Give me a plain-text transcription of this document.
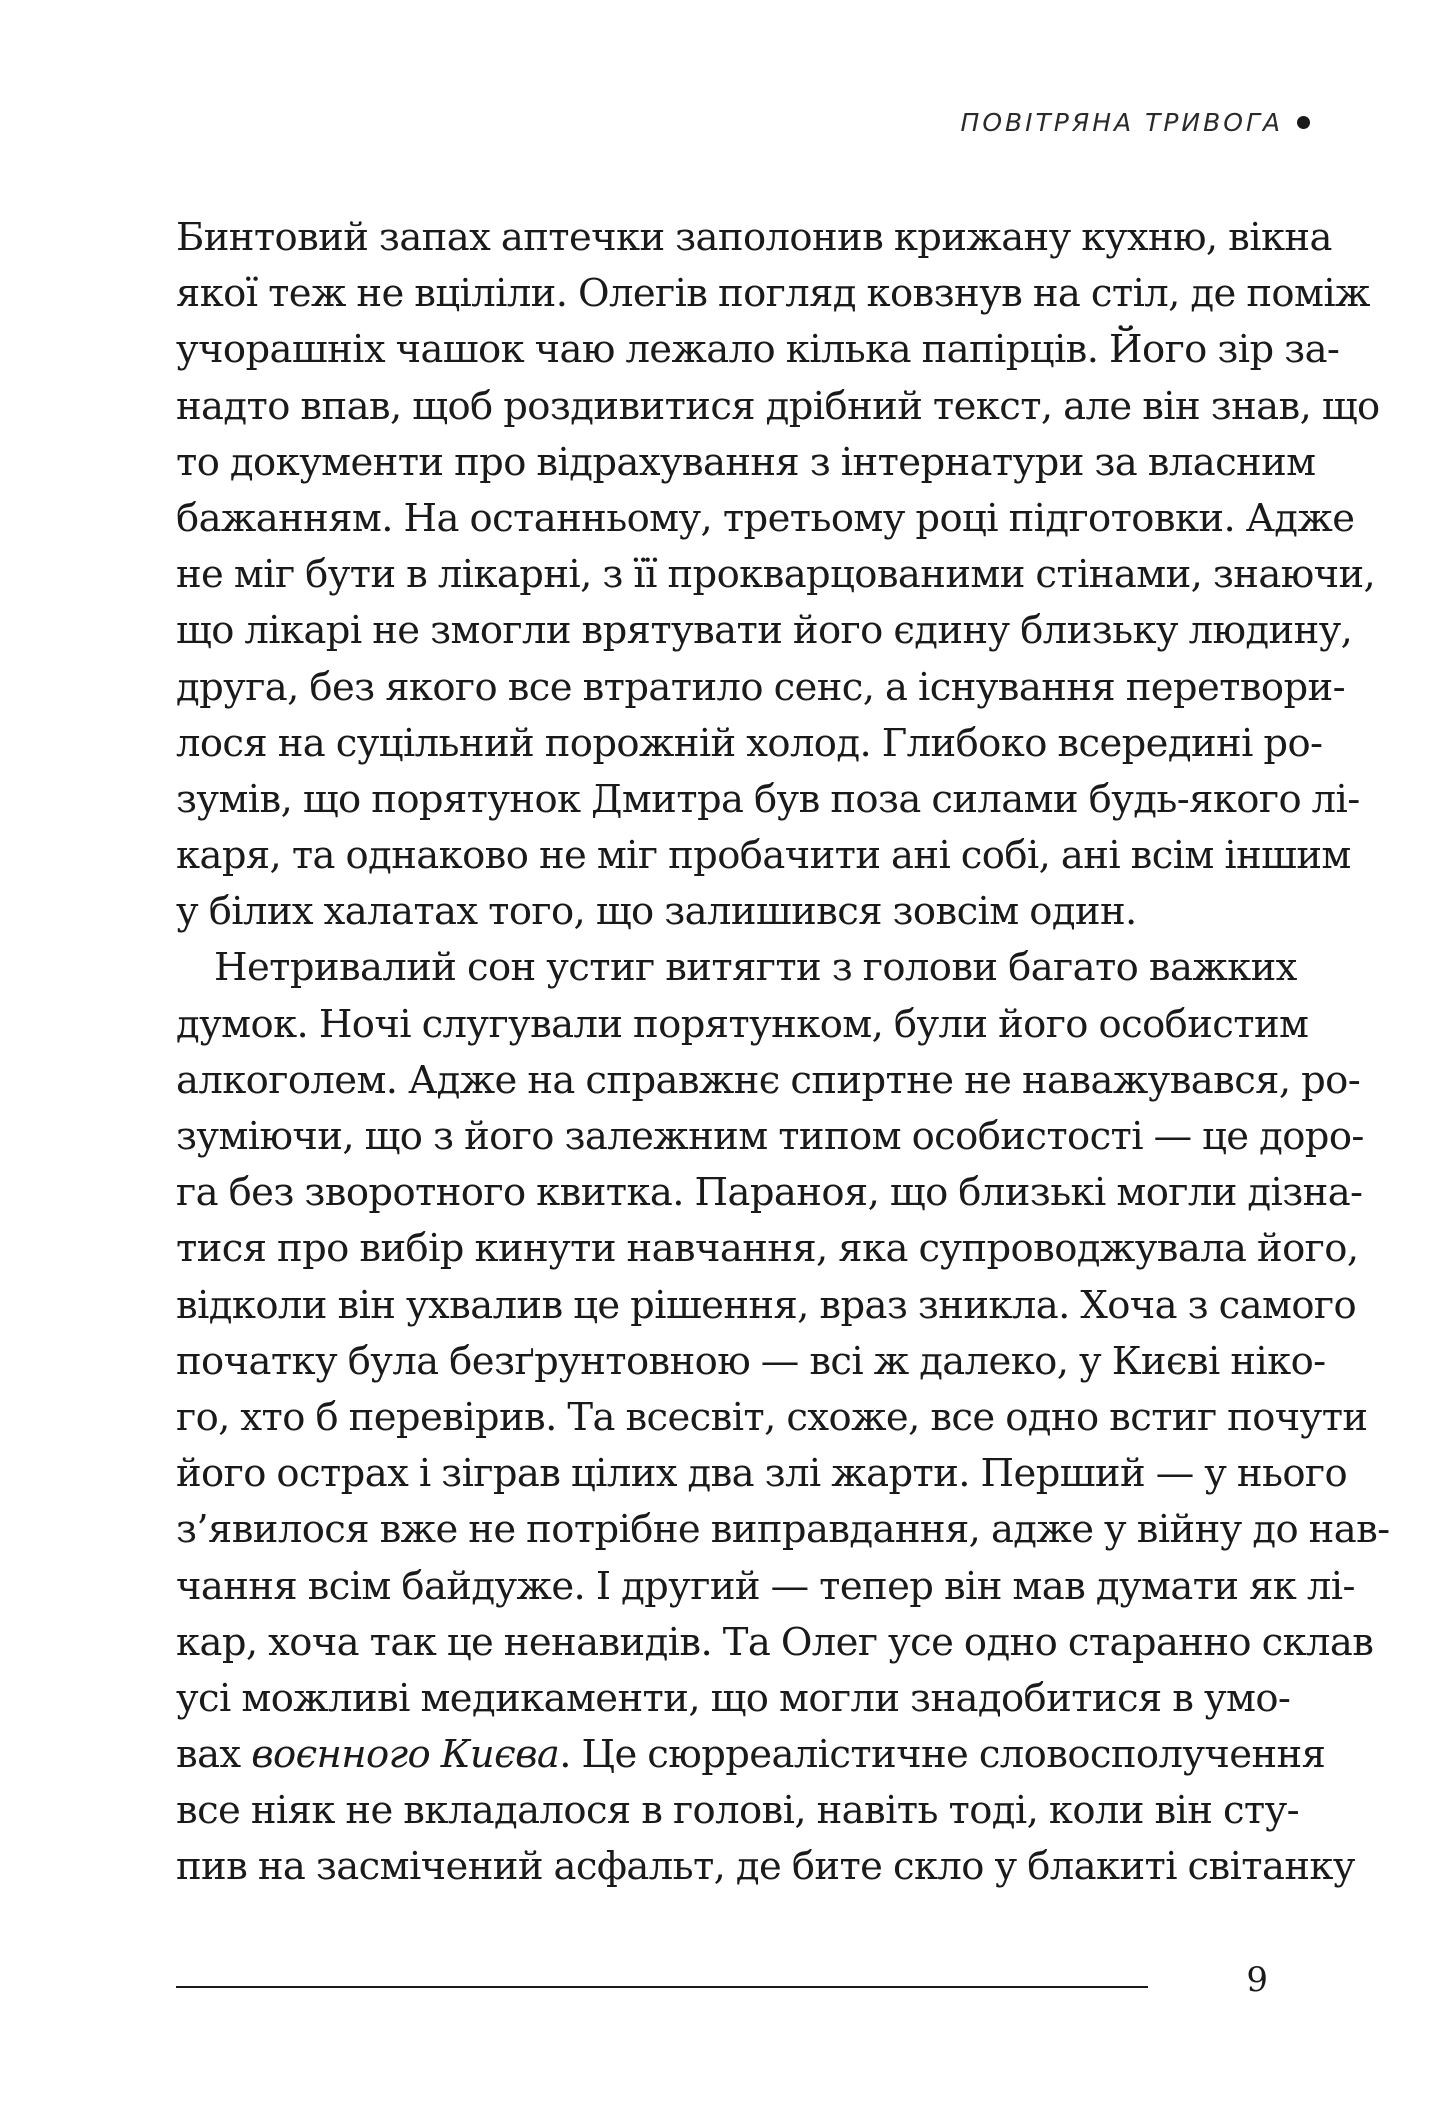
ПОВІТРЯНА ТРИВОГА
Бинтовий запах аптечки заполонив крижану кухню, вікна
якої теж не вціліли. Олегів погляд ковзнув на стіл, де поміж
учорашніх чашок чаю лежало кілька папірців. Його зір за-
надто впав, щоб роздивитися дрібний текст, але він знав, що
то документи про відрахування з інтернатури за власним
бажанням. На останньому, третьому році підготовки. Адже
не міг бути в лікарні, з її прокварцованими стінами, знаючи,
що лікарі не змогли врятувати його єдину близьку людину,
друга, без якого все втратило сенс, а існування перетвори-
лося на суцільний порожній холод. Глибоко всередині ро-
зумів, що порятунок Дмитра був поза силами будь-якого лі-
каря, та однаково не міг пробачити ані собі, ані всім іншим
у білих халатах того, що залишився зовсім один.
Нетривалий сон устиг витягти з голови багато важких
думок. Ночі слугували порятунком, були його особистим
алкоголем. Адже на справжнє спиртне не наважувався, ро-
зуміючи, що з його залежним типом особистості — це доро-
га без зворотного квитка. Параноя, що близькі могли дізна-
тися про вибір кинути навчання, яка супроводжувала його,
відколи він ухвалив це рішення, враз зникла. Хоча з самого
початку була безґрунтовною — всі ж далеко, у Києві ніко-
го, хто б перевірив. Та всесвіт, схоже, все одно встиг почути
його острах і зіграв цілих два злі жарти. Перший — у нього
з’явилося вже не потрібне виправдання, адже у війну до нав-
чання всім байдуже. І другий — тепер він мав думати як лі-
кар, хоча так це ненавидів. Та Олег усе одно старанно склав
усі можливі медикаменти, що могли знадобитися в умо-
вах воєнного Києва. Це сюрреалістичне словосполучення
все ніяк не вкладалося в голові, навіть тоді, коли він сту-
пив на засмічений асфальт, де бите скло у блакиті світанку
9
